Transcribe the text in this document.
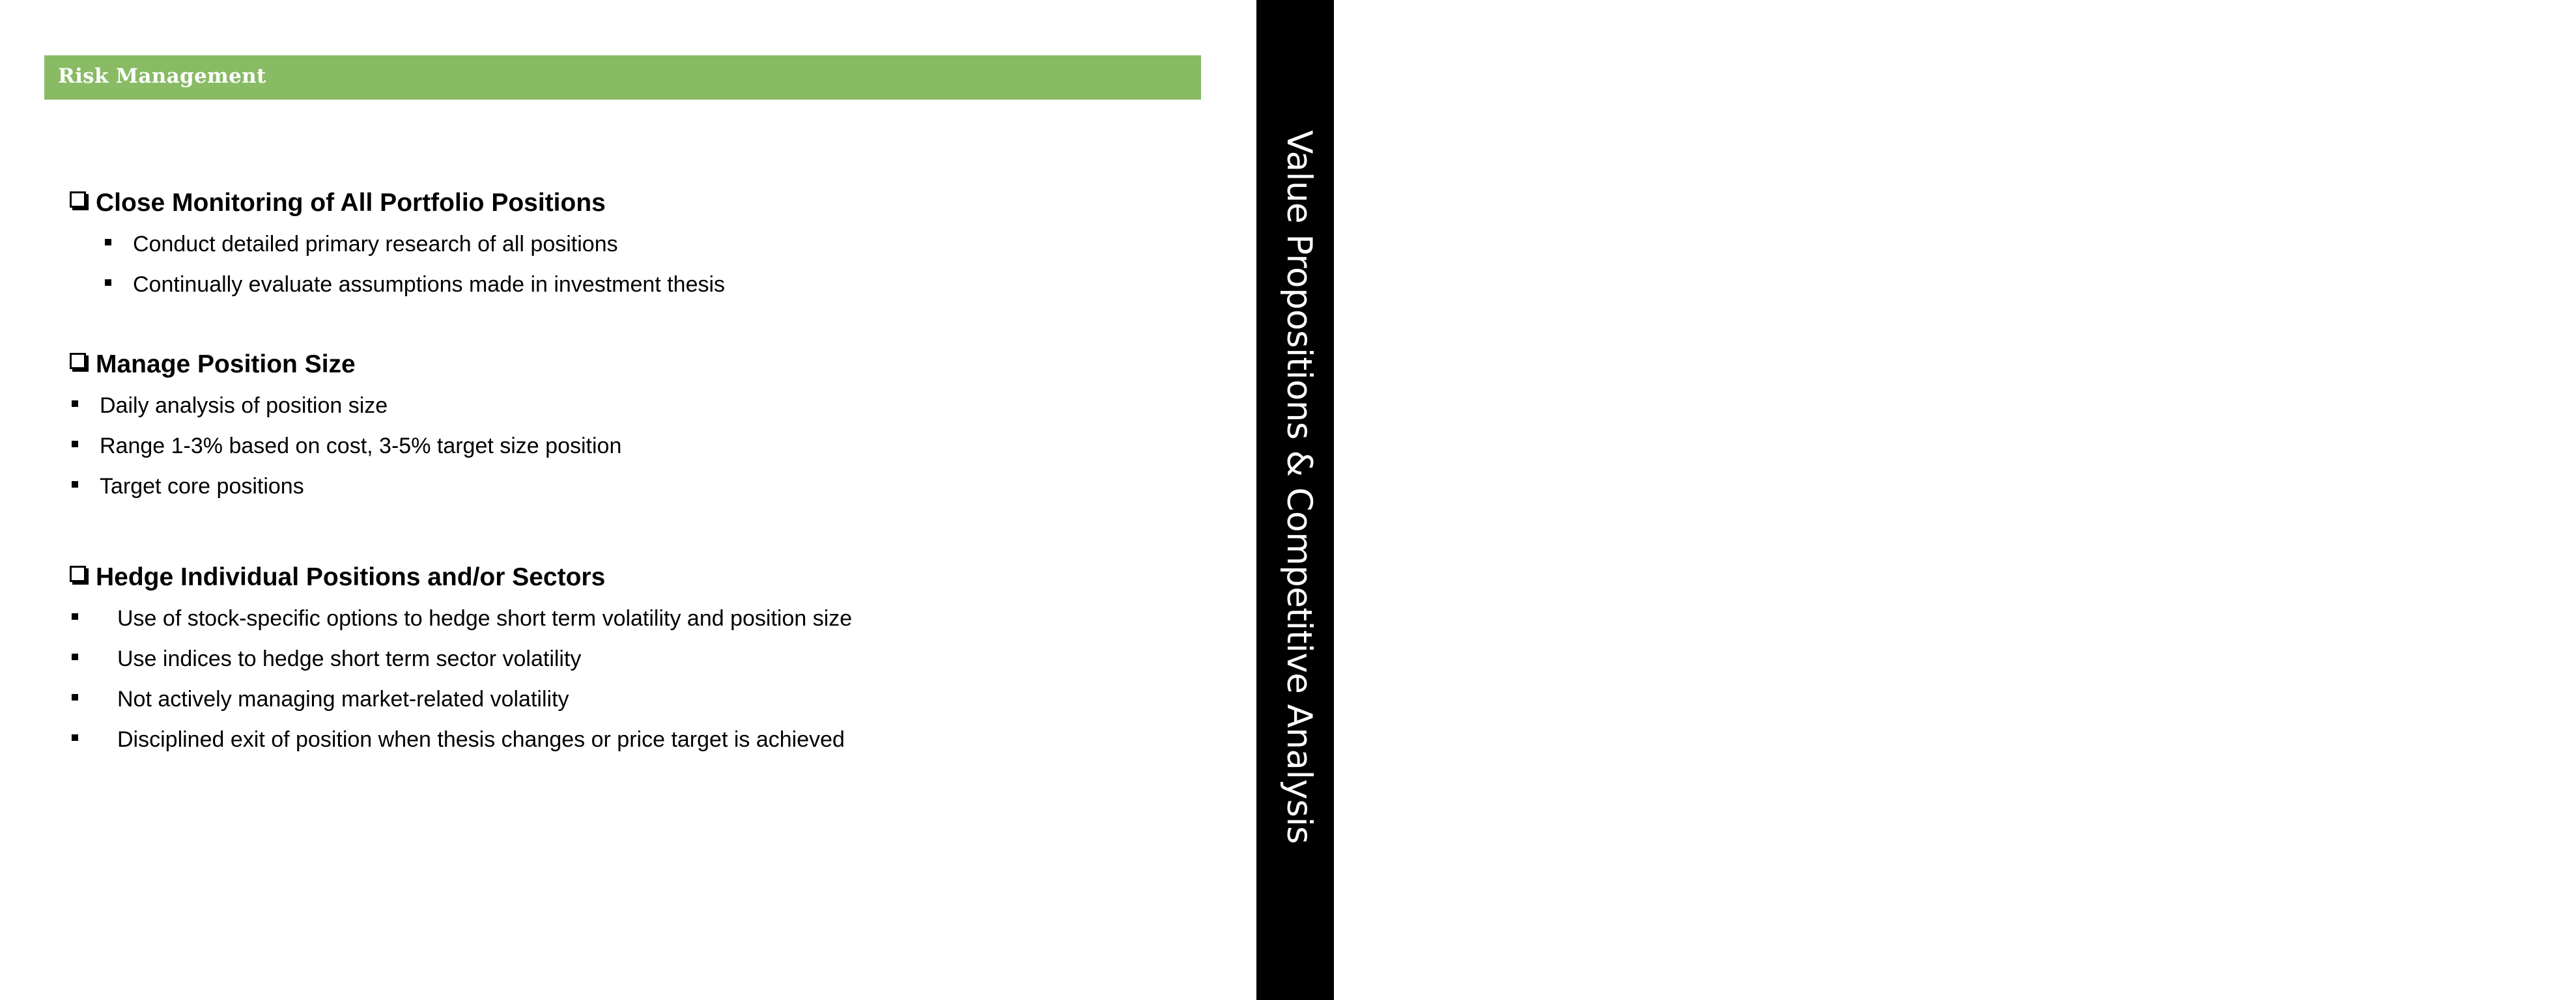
Risk Management
Value Propositions & Competitive Analysis
10
Close Monitoring of All Portfolio Positions
Conduct detailed primary research of all positions
Continually evaluate assumptions made in investment thesis
Manage Position Size
Daily analysis of position size
Range 1-3% based on cost, 3-5% target size position
Target core positions
Hedge Individual Positions and/or Sectors
Use of stock-specific options to hedge short term volatility and position size
Use indices to hedge short term sector volatility
Not actively managing market-related volatility
Disciplined exit of position when thesis changes or price target is achieved
